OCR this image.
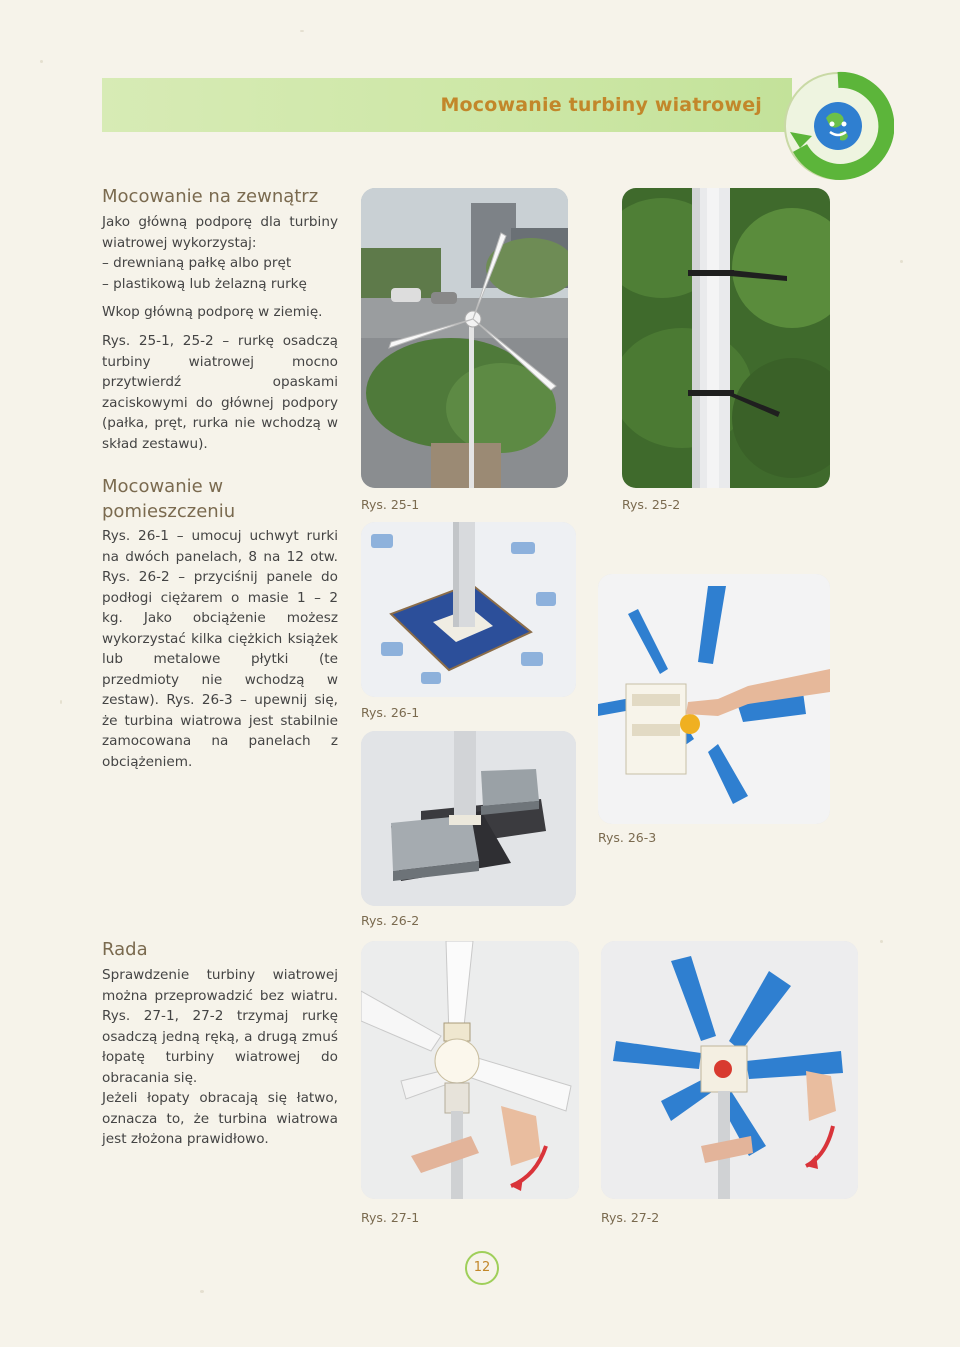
Mocowanie turbiny wiatrowej
Mocowanie na zewnątrz
Jako główną podporę dla turbiny wiatrowej wykorzystaj:
– drewnianą pałkę albo pręt
– plastikową lub żelazną rurkę
Wkop główną podporę w ziemię.
Rys. 25-1, 25-2 – rurkę osadczą turbiny wiatrowej mocno przytwierdź opaskami zaciskowymi do głównej podpory (pałka, pręt, rurka nie wchodzą w skład zestawu).
Mocowanie w pomieszczeniu
Rys. 26-1 – umocuj uchwyt rurki na dwóch panelach, 8 na 12 otw. Rys. 26-2 – przyciśnij panele do podłogi ciężarem o masie 1 – 2 kg. Jako obciążenie możesz wykorzystać kilka ciężkich książek lub metalowe płytki (te przedmioty nie wchodzą w zestaw). Rys. 26-3 – upewnij się, że turbina wiatrowa jest stabilnie zamocowana na panelach z obciążeniem.
Rada
Sprawdzenie turbiny wiatrowej można przeprowadzić bez wiatru. Rys. 27-1, 27-2 trzymaj rurkę osadczą jedną ręką, a drugą zmuś łopatę turbiny wiatrowej do obracania się.
Jeżeli łopaty obracają się łatwo, oznacza to, że turbina wiatrowa jest złożona prawidłowo.
Rys. 25-1	Rys. 25-2
Rys. 26-1
Rys. 26-2
Rys. 26-3
Rys. 27-1	Rys. 27-2
12
